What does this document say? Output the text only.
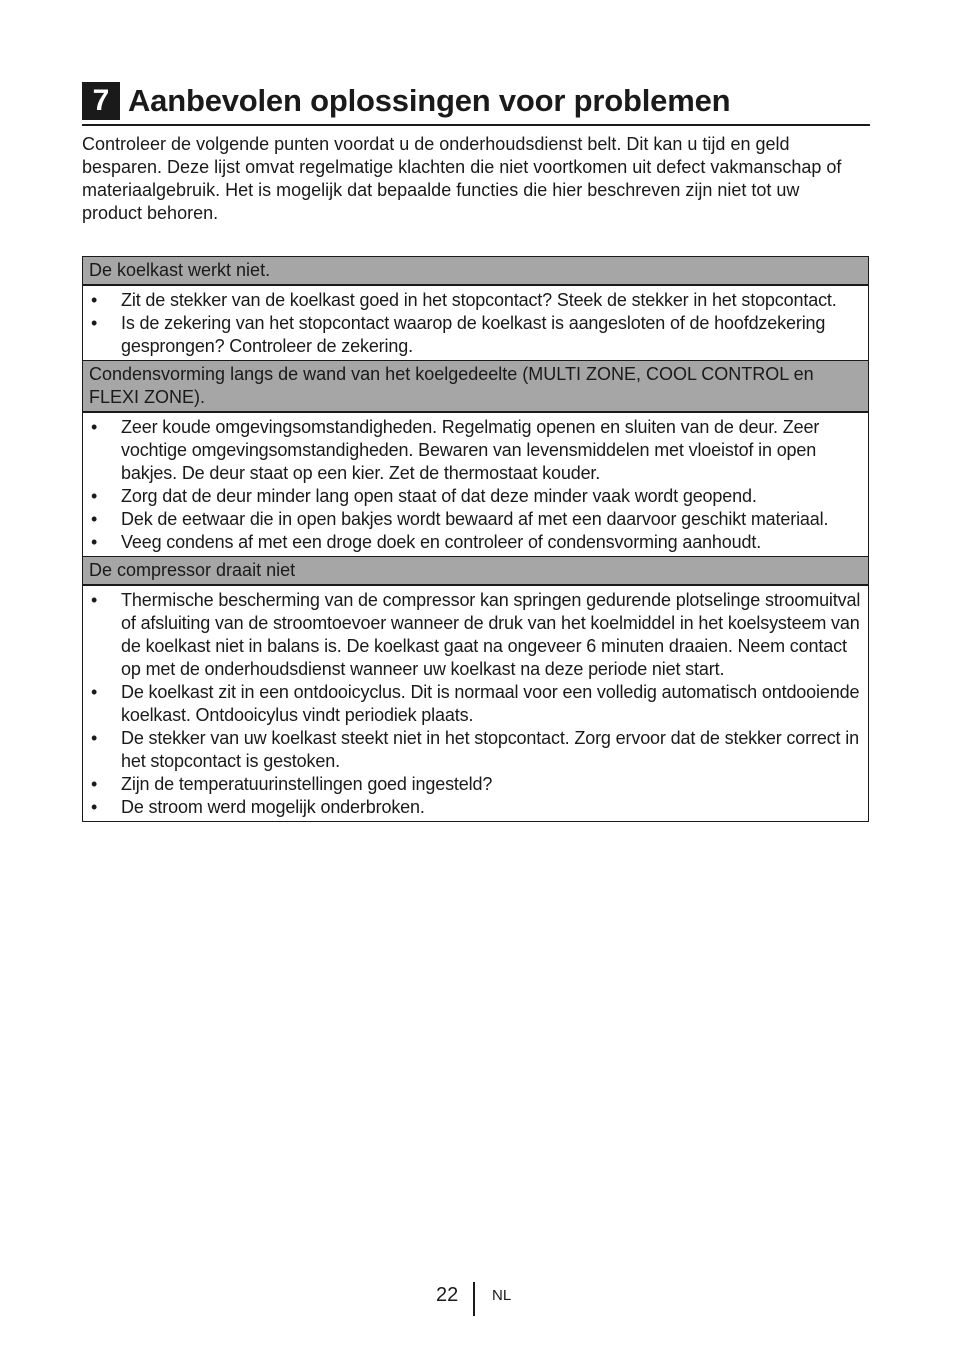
7 Aanbevolen oplossingen voor problemen
Controleer de volgende punten voordat u de onderhoudsdienst belt. Dit kan u tijd en geld besparen. Deze lijst omvat regelmatige klachten die niet voortkomen uit defect vakmanschap of materiaalgebruik. Het is mogelijk dat bepaalde functies die hier beschreven zijn niet tot uw product behoren.
De koelkast werkt niet.
•	Zit de stekker van de koelkast goed in het stopcontact? Steek de stekker in het stopcontact.
•	Is de zekering van het stopcontact waarop de koelkast is aangesloten of de hoofdzekering gesprongen? Controleer de zekering.
Condensvorming langs de wand van het koelgedeelte (MULTI ZONE, COOL CONTROL en FLEXI ZONE).
•	Zeer koude omgevingsomstandigheden. Regelmatig openen en sluiten van de deur. Zeer vochtige omgevingsomstandigheden. Bewaren van levensmiddelen met vloeistof in open bakjes. De deur staat op een kier. Zet de thermostaat kouder.
•	Zorg dat de deur minder lang open staat of dat deze minder vaak wordt geopend.
•	Dek de eetwaar die in open bakjes wordt bewaard af met een daarvoor geschikt materiaal.
•	Veeg condens af met een droge doek en controleer of condensvorming aanhoudt.
De compressor draait niet
•	Thermische bescherming van de compressor kan springen gedurende plotselinge stroomuitval of afsluiting van de stroomtoevoer wanneer de druk van het koelmiddel in het koelsysteem van de koelkast niet in balans is. De koelkast gaat na ongeveer 6 minuten draaien. Neem contact op met de onderhoudsdienst wanneer uw koelkast na deze periode niet start.
•	De koelkast zit in een ontdooicyclus. Dit is normaal voor een volledig automatisch ontdooiende koelkast. Ontdooicylus vindt periodiek plaats.
•	De stekker van uw koelkast steekt niet in het stopcontact. Zorg ervoor dat de stekker correct in het stopcontact is gestoken.
•	Zijn de temperatuurinstellingen goed ingesteld?
•	De stroom werd mogelijk onderbroken.
22 NL
